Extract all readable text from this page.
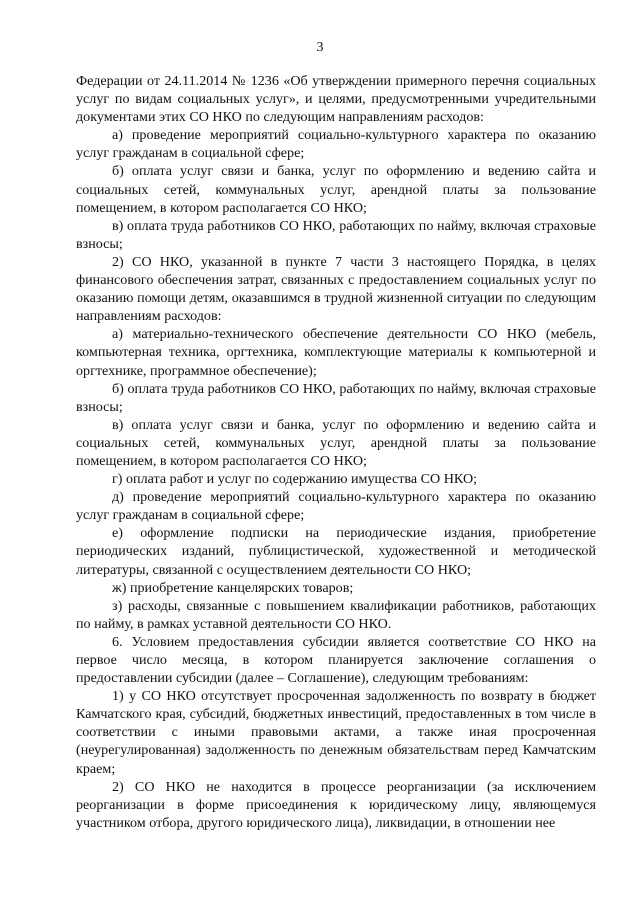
3

Федерации от 24.11.2014 № 1236 «Об утверждении примерного перечня социальных услуг по видам социальных услуг», и целями, предусмотренными учредительными документами этих СО НКО по следующим направлениям расходов:

а) проведение мероприятий социально-культурного характера по оказанию услуг гражданам в социальной сфере;

б) оплата услуг связи и банка, услуг по оформлению и ведению сайта и социальных сетей, коммунальных услуг, арендной платы за пользование помещением, в котором располагается СО НКО;

в) оплата труда работников СО НКО, работающих по найму, включая страховые взносы;

2) СО НКО, указанной в пункте 7 части 3 настоящего Порядка, в целях финансового обеспечения затрат, связанных с предоставлением социальных услуг по оказанию помощи детям, оказавшимся в трудной жизненной ситуации по следующим направлениям расходов:

а) материально-технического обеспечение деятельности СО НКО (мебель, компьютерная техника, оргтехника, комплектующие материалы к компьютерной и оргтехнике, программное обеспечение);

б) оплата труда работников СО НКО, работающих по найму, включая страховые взносы;

в) оплата услуг связи и банка, услуг по оформлению и ведению сайта и социальных сетей, коммунальных услуг, арендной платы за пользование помещением, в котором располагается СО НКО;

г) оплата работ и услуг по содержанию имущества СО НКО;

д) проведение мероприятий социально-культурного характера по оказанию услуг гражданам в социальной сфере;

е) оформление подписки на периодические издания, приобретение периодических изданий, публицистической, художественной и методической литературы, связанной с осуществлением деятельности СО НКО;

ж) приобретение канцелярских товаров;

з) расходы, связанные с повышением квалификации работников, работающих по найму, в рамках уставной деятельности СО НКО.

6. Условием предоставления субсидии является соответствие СО НКО на первое число месяца, в котором планируется заключение соглашения о предоставлении субсидии (далее – Соглашение), следующим требованиям:

1) у СО НКО отсутствует просроченная задолженность по возврату в бюджет Камчатского края, субсидий, бюджетных инвестиций, предоставленных в том числе в соответствии с иными правовыми актами, а также иная просроченная (неурегулированная) задолженность по денежным обязательствам перед Камчатским краем;

2) СО НКО не находится в процессе реорганизации (за исключением реорганизации в форме присоединения к юридическому лицу, являющемуся участником отбора, другого юридического лица), ликвидации, в отношении нее
